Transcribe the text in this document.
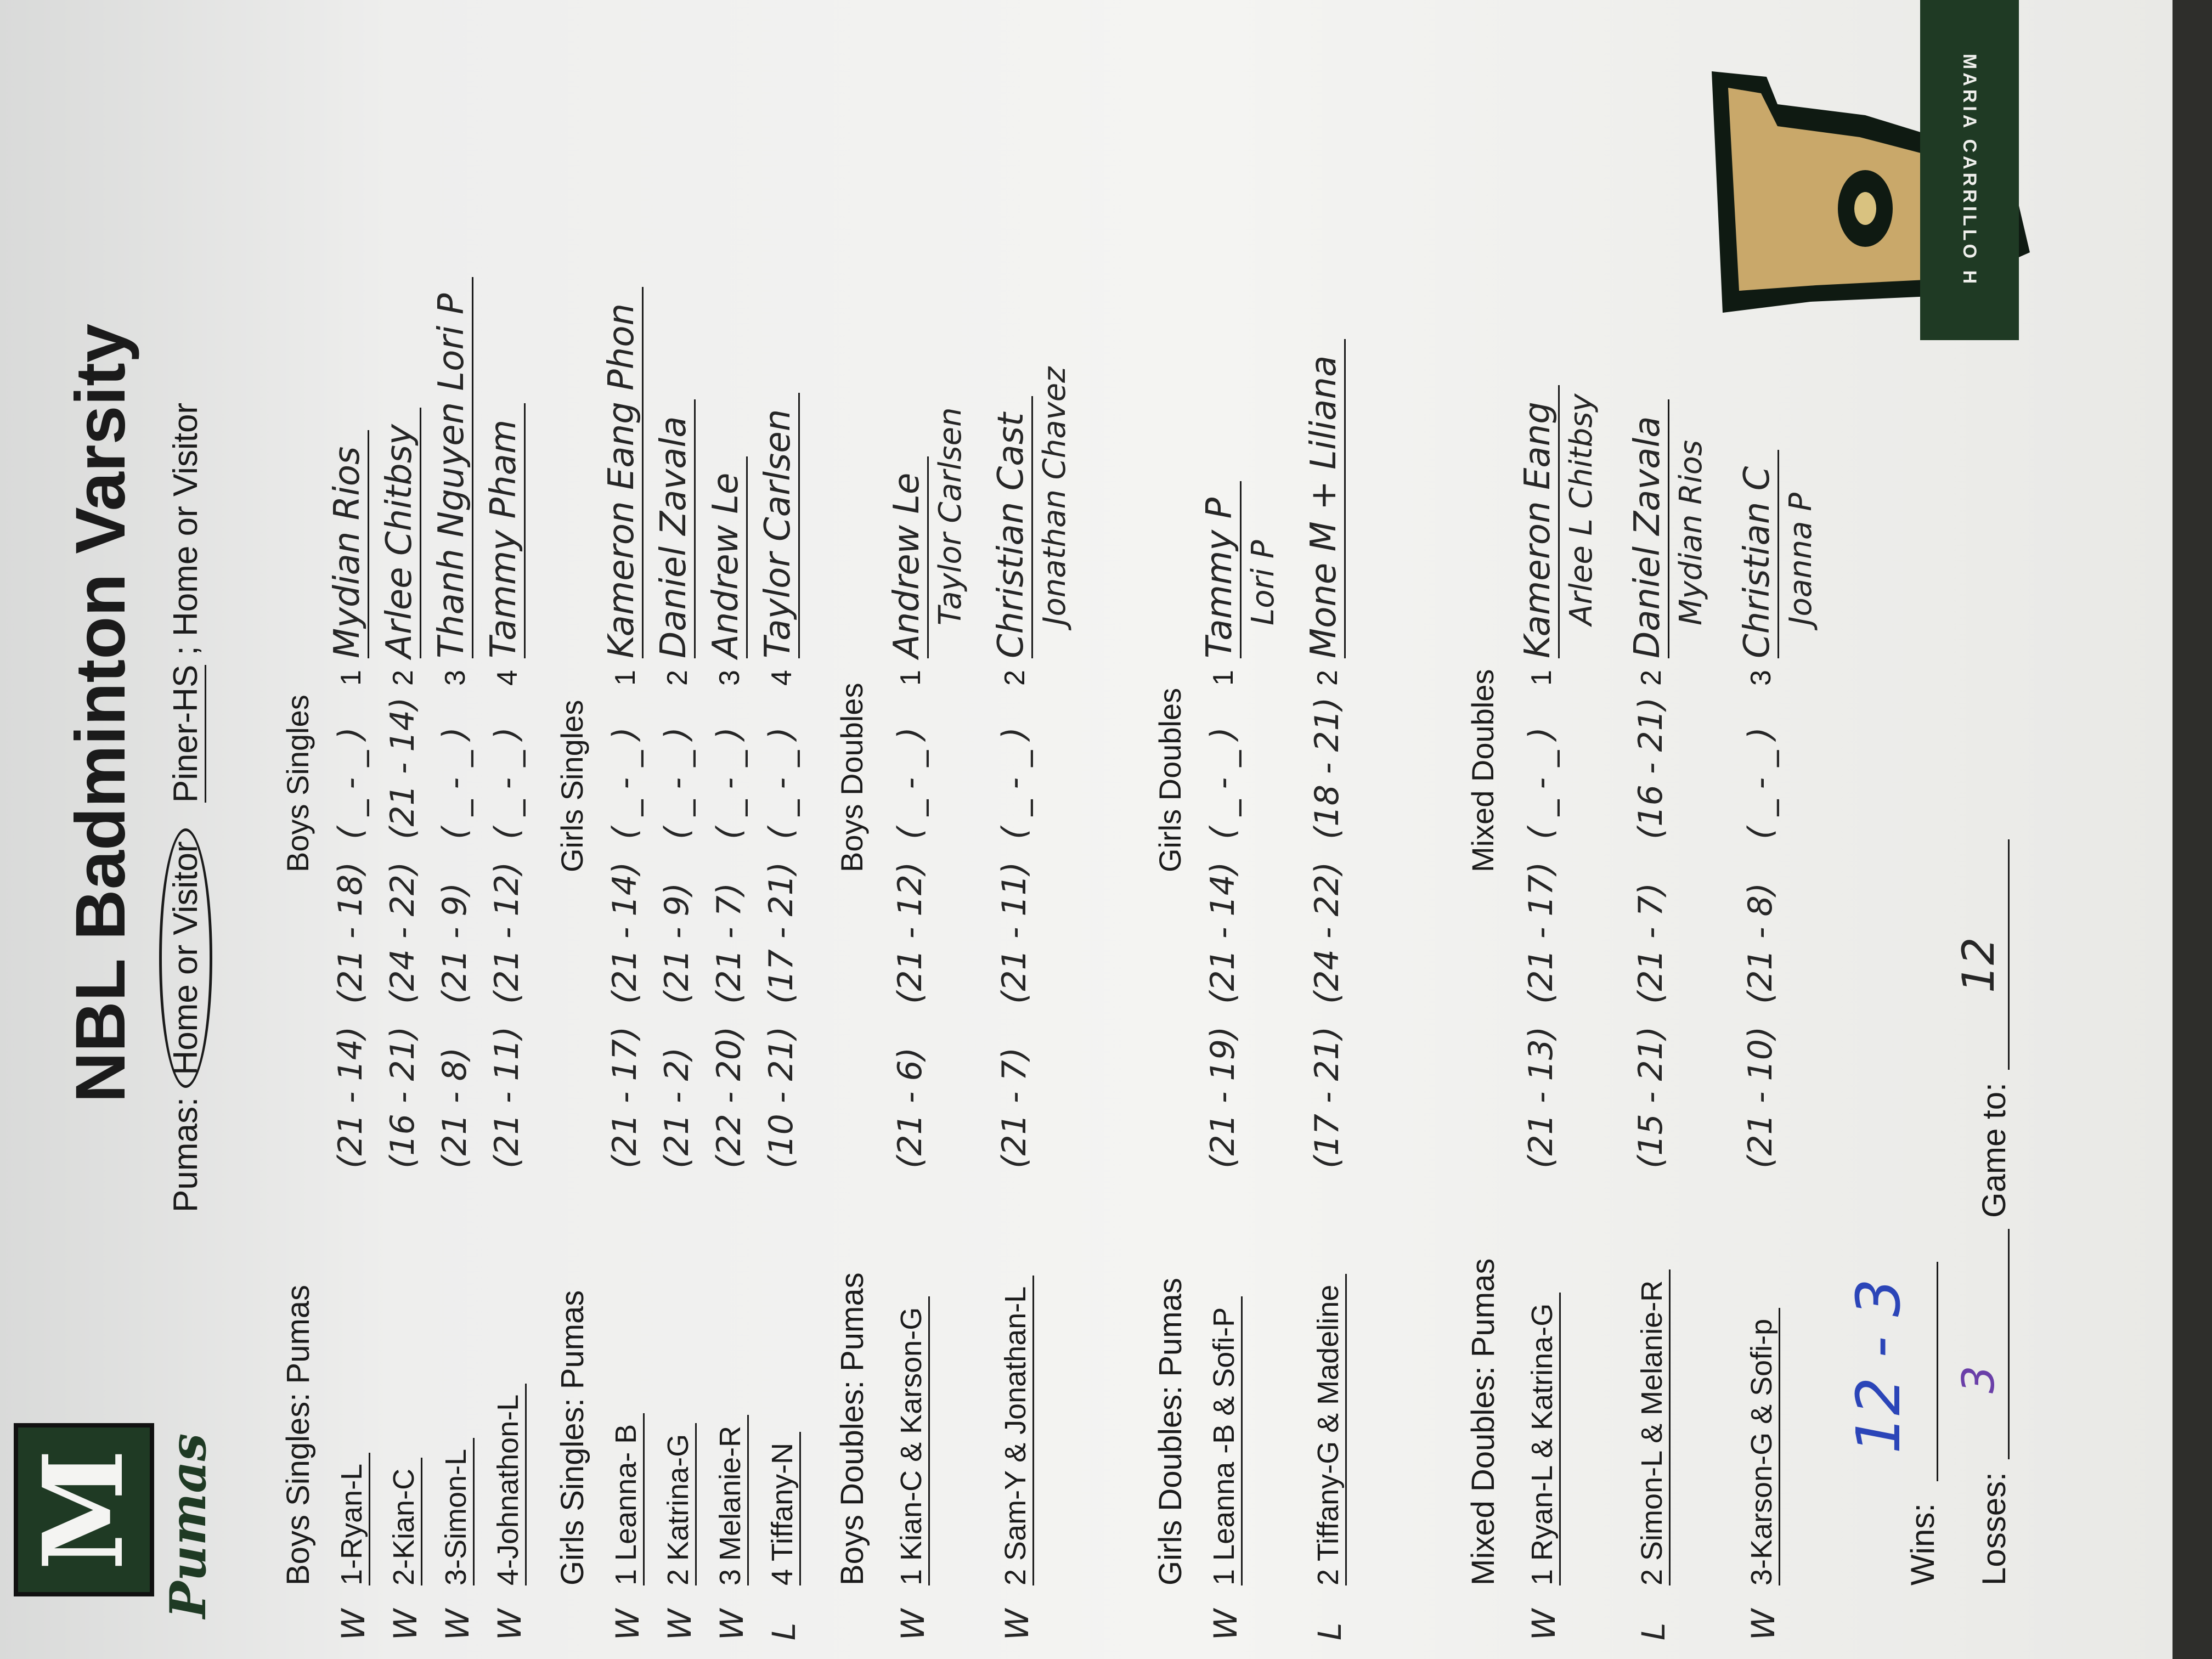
M Pumas
NBL Badminton Varsity
Pumas: Home or Visitor Piner-HS ; Home or Visitor
Boys Singles: Pumas
Boys Singles
Girls Singles: Pumas
Girls Singles
Boys Doubles: Pumas
Boys Doubles
Girls Doubles: Pumas
Girls Doubles
Mixed Doubles: Pumas
Mixed Doubles
W
1-Ryan-L
(21 - 14)
(21 - 18)
( _ - _ )
1
Mydian Rios
W
2-Kian-C
(16 - 21)
(24 - 22)
(21 - 14)
2
Arlee Chitbsy
W
3-Simon-L
(21 - 8)
(21 - 9)
( _ - _ )
3
Thanh Nguyen Lori P
W
4-Johnathon-L
(21 - 11)
(21 - 12)
( _ - _ )
4
Tammy Pham
W
1 Leanna- B
(21 - 17)
(21 - 14)
( _ - _ )
1
Kameron Eang Phon
W
2 Katrina-G
(21 - 2)
(21 - 9)
( _ - _ )
2
Daniel Zavala
W
3 Melanie-R
(22 - 20)
(21 - 7)
( _ - _ )
3
Andrew Le
L
4 Tiffany-N
(10 - 21)
(17 - 21)
( _ - _ )
4
Taylor Carlsen
W
1 Kian-C & Karson-G
(21 - 6)
(21 - 12)
( _ - _ )
1
Andrew Le Taylor Carlsen
W
2 Sam-Y & Jonathan-L
(21 - 7)
(21 - 11)
( _ - _ )
2
Christian Cast Jonathan Chavez
W
1 Leanna -B & Sofi-P
(21 - 19)
(21 - 14)
( _ - _ )
1
Tammy P Lori P
L
2 Tiffany-G & Madeline
(17 - 21)
(24 - 22)
(18 - 21)
2
Mone M + Liliana
W
1 Ryan-L & Katrina-G
(21 - 13)
(21 - 17)
( _ - _ )
1
Kameron Eang Arlee L Chitbsy
L
2 Simon-L & Melanie-R
(15 - 21)
(21 - 7)
(16 - 21)
2
Daniel Zavala Mydian Rios
W
3-Karson-G & Sofi-p
(21 - 10)
(21 - 8)
( _ - _ )
3
Christian C Joanna P
Wins:
12 - 3
Losses:
3
Game to:
12
MARIA CARRILLO H
